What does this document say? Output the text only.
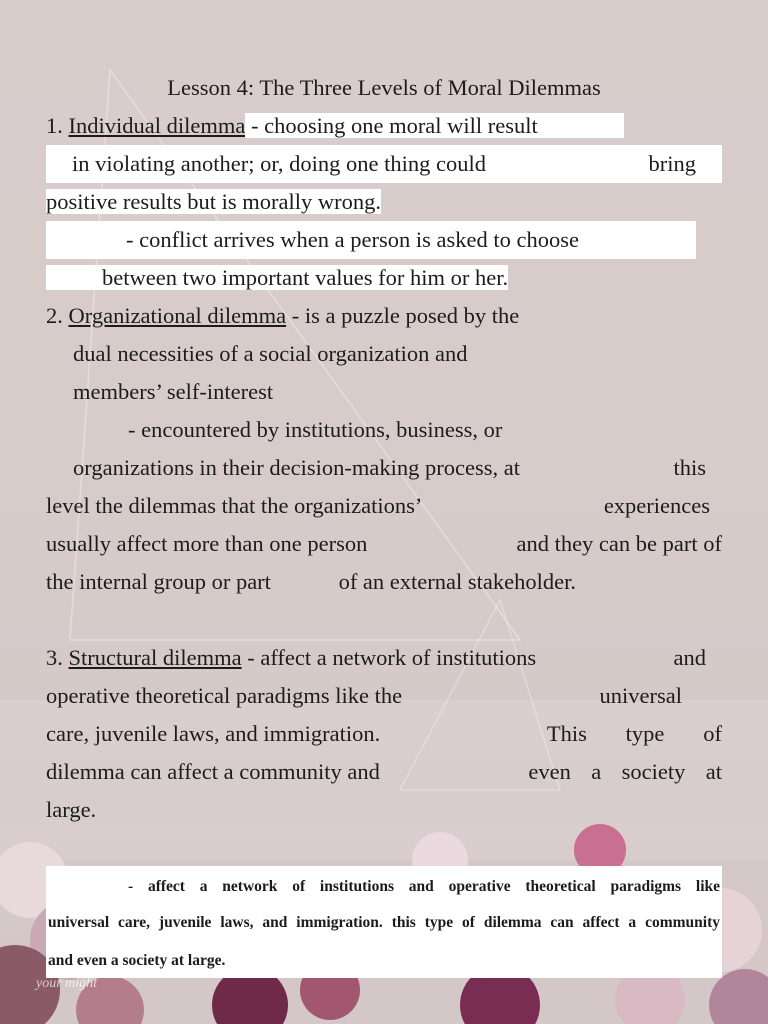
Lesson 4: The Three Levels of Moral Dilemmas
1. Individual dilemma - choosing one moral will result
in violating another; or, doing one thing could	bring
positive results but is morally wrong.
- conflict arrives when a person is asked to choose
between two important values for him or her.
2. Organizational dilemma - is a puzzle posed by the
dual necessities of a social organization and
members’ self-interest
- encountered by institutions, business, or
organizations in their decision-making process, at	this
level the dilemmas that the organizations’	experiences
usually affect more than one person	and they can be part of
the internal group or part	of an external stakeholder.
3. Structural dilemma - affect a network of institutions	and
operative theoretical paradigms like the	universal
care, juvenile laws, and immigration.	This type of
dilemma can affect a community and	even a society at
large.
- affect a network of institutions and operative theoretical paradigms like
universal care, juvenile laws, and immigration. this type of dilemma can affect a community
and even a society at large.
your might
